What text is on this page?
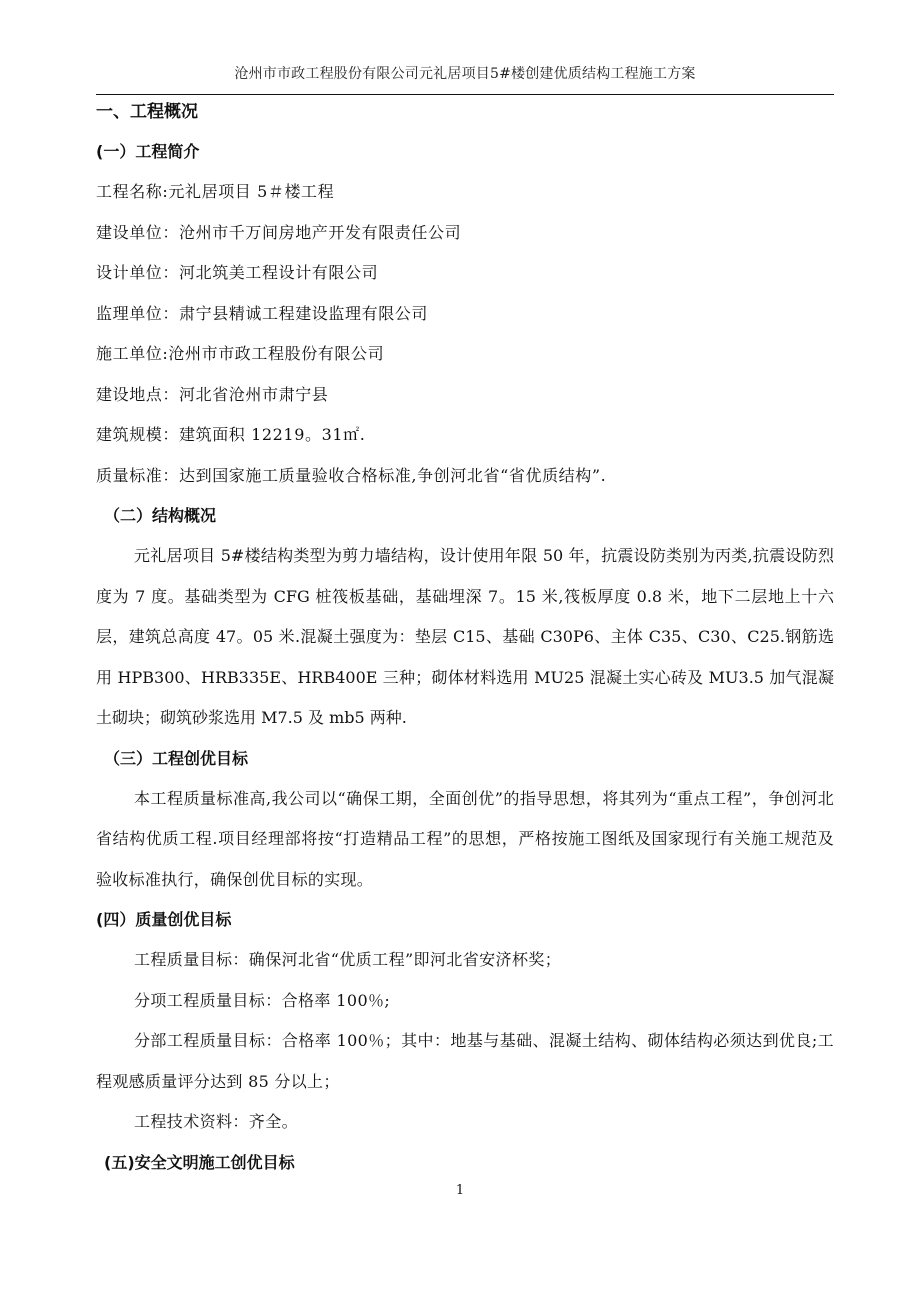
沧州市市政工程股份有限公司元礼居项目5#楼创建优质结构工程施工方案
一、工程概况
(一）工程简介
工程名称:元礼居项目 5＃楼工程
建设单位：沧州市千万间房地产开发有限责任公司
设计单位：河北筑美工程设计有限公司
监理单位：肃宁县精诚工程建设监理有限公司
施工单位:沧州市市政工程股份有限公司
建设地点：河北省沧州市肃宁县
建筑规模：建筑面积 12219。31㎡.
质量标准：达到国家施工质量验收合格标准,争创河北省“省优质结构”.
（二）结构概况

元礼居项目 5#楼结构类型为剪力墙结构，设计使用年限 50 年，抗震设防类别为丙类,抗震设防烈度为 7 度。基础类型为 CFG 桩筏板基础，基础埋深 7。15 米,筏板厚度 0.8 米，地下二层地上十六层，建筑总高度 47。05 米.混凝土强度为：垫层 C15、基础 C30P6、主体 C35、C30、C25.钢筋选用 HPB300、HRB335E、HRB400E 三种；砌体材料选用 MU25 混凝土实心砖及 MU3.5 加气混凝土砌块；砌筑砂浆选用 M7.5 及 mb5 两种.

（三）工程创优目标

本工程质量标准高,我公司以“确保工期，全面创优”的指导思想，将其列为“重点工程”，争创河北省结构优质工程.项目经理部将按“打造精品工程”的思想，严格按施工图纸及国家现行有关施工规范及验收标准执行，确保创优目标的实现。

(四）质量创优目标
工程质量目标：确保河北省“优质工程”即河北省安济杯奖；
分项工程质量目标：合格率 100％;

分部工程质量目标：合格率 100％；其中：地基与基础、混凝土结构、砌体结构必须达到优良;工程观感质量评分达到 85 分以上；

工程技术资料：齐全。
(五)安全文明施工创优目标
1
